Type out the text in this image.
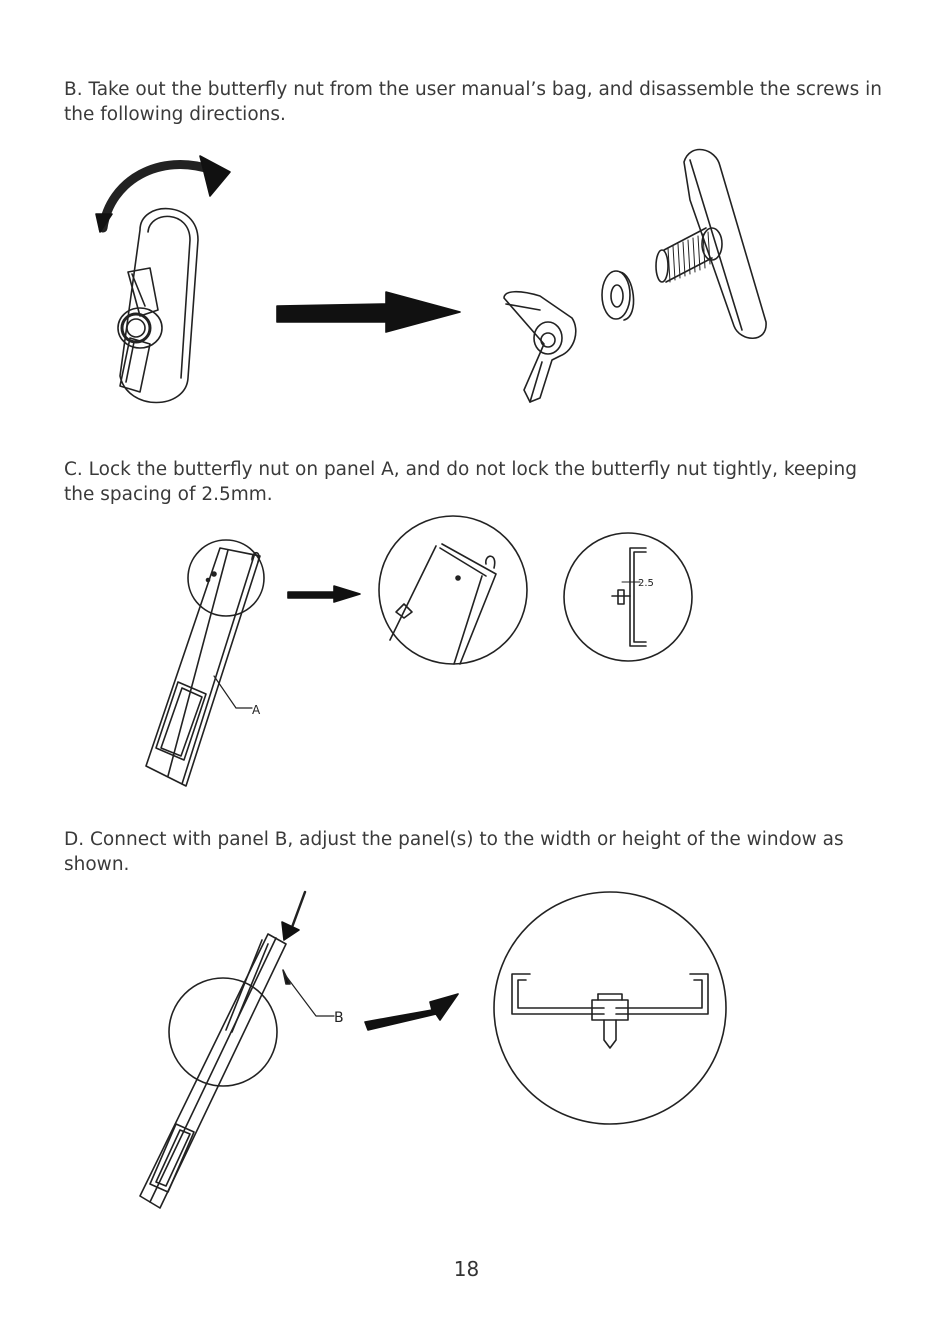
B. Take out the butterfly nut from the user manual’s bag, and disassemble the screws in the following directions.

C. Lock the butterfly nut on panel A, and do not lock the butterfly nut tightly, keeping the spacing of 2.5mm.

D. Connect with panel B, adjust the panel(s) to the width or height of the window as shown.

A
2.5
B
18
